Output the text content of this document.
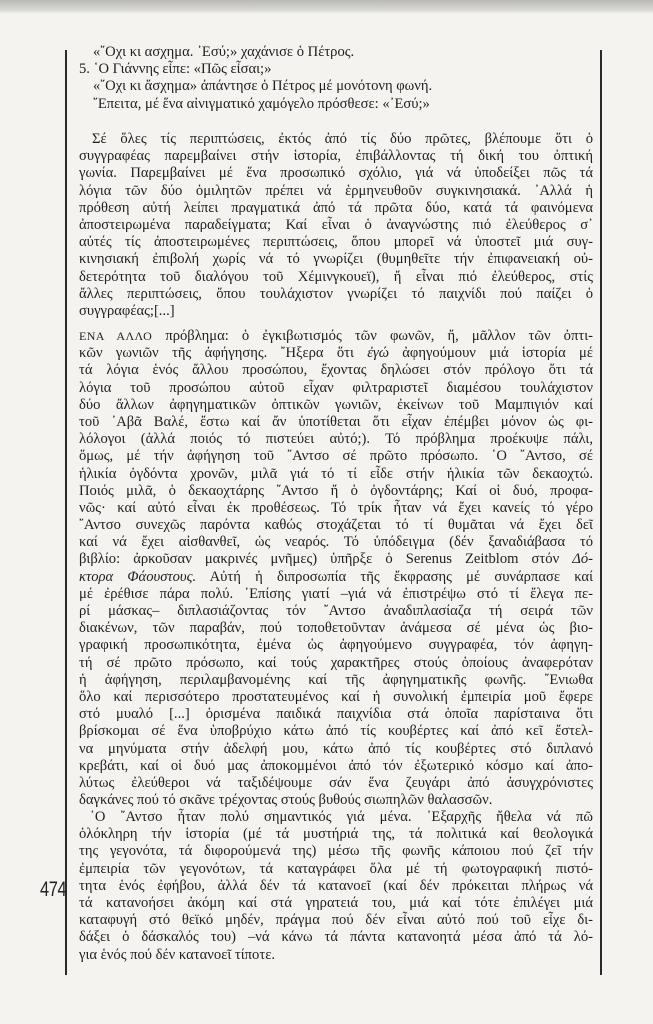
474
«῎Οχι κι ασχημα. ᾿Εσύ;» χαχάνισε ὁ Πέτρος.
5. ῾Ο Γιάννης εἶπε: «Πῶς εἶσαι;»
«῎Οχι κι ἄσχημα» ἀπάντησε ὁ Πέτρος μέ μονότονη φωνή.
῎Επειτα, μέ ἕνα αἰνιγματικό χαμόγελο πρόσθεσε: «᾿Εσύ;»
Σέ ὅλες τίς περιπτώσεις, ἐκτός ἀπό τίς δύο πρῶτες, βλέπουμε ὅτι ὁ
συγγραφέας παρεμβαίνει στήν ἱστορία, ἐπιβάλλοντας τή δική του ὀπτική
γωνία. Παρεμβαίνει μέ ἕνα προσωπικό σχόλιο, γιά νά ὑποδείξει πῶς τά
λόγια τῶν δύο ὁμιλητῶν πρέπει νά ἑρμηνευθοῦν συγκινησιακά. ᾿Αλλά ἡ
πρόθεση αὐτή λείπει πραγματικά ἀπό τά πρῶτα δύο, κατά τά φαινόμενα
ἀποστειρωμένα παραδείγματα; Καί εἶναι ὁ ἀναγνώστης πιό ἐλεύθερος σ᾿
αὐτές τίς ἀποστειρωμένες περιπτώσεις, ὅπου μπορεῖ νά ὑποστεῖ μιά συγ-
κινησιακή ἐπιβολή χωρίς νά τό γνωρίζει (θυμηθεῖτε τήν ἐπιφανειακή οὐ-
δετερότητα τοῦ διαλόγου τοῦ Χέμινγκουεϊ), ἤ εἶναι πιό ἐλεύθερος, στίς
ἄλλες περιπτώσεις, ὅπου τουλάχιστον γνωρίζει τό παιχνίδι πού παίζει ὁ
συγγραφέας;[...]
ΕΝΑ ΑΛΛΟ πρόβλημα: ὁ ἐγκιβωτισμός τῶν φωνῶν, ἤ, μᾶλλον τῶν ὀπτι-
κῶν γωνιῶν τῆς ἀφήγησης. ῎Ηξερα ὅτι ἐγώ ἀφηγούμουν μιά ἱστορία μέ
τά λόγια ἑνός ἄλλου προσώπου, ἔχοντας δηλώσει στόν πρόλογο ὅτι τά
λόγια τοῦ προσώπου αὐτοῦ εἶχαν φιλτραριστεῖ διαμέσου τουλάχιστον
δύο ἄλλων ἀφηγηματικῶν ὀπτικῶν γωνιῶν, ἐκείνων τοῦ Μαμπιγιόν καί
τοῦ ᾿Αβᾶ Βαλέ, ἔστω καί ἄν ὑποτίθεται ὅτι εἶχαν ἐπέμβει μόνον ὡς φι-
λόλογοι (ἀλλά ποιός τό πιστεύει αὐτό;). Τό πρόβλημα προέκυψε πάλι,
ὅμως, μέ τήν ἀφήγηση τοῦ ῎Αντσο σέ πρῶτο πρόσωπο. ῾Ο ῎Αντσο, σέ
ἡλικία ὀγδόντα χρονῶν, μιλᾶ γιά τό τί εἶδε στήν ἡλικία τῶν δεκαοχτώ.
Ποιός μιλᾶ, ὁ δεκαοχτάρης ῎Αντσο ἤ ὁ ὀγδοντάρης; Καί οἱ δυό, προφα-
νῶς· καί αὐτό εἶναι ἐκ προθέσεως. Τό τρίκ ἦταν νά ἔχει κανείς τό γέρο
῎Αντσο συνεχῶς παρόντα καθώς στοχάζεται τό τί θυμᾶται νά ἔχει δεῖ
καί νά ἔχει αἰσθανθεῖ, ὡς νεαρός. Τό ὑπόδειγμα (δέν ξαναδιάβασα τό
βιβλίο: ἀρκοῦσαν μακρινές μνῆμες) ὑπῆρξε ὁ Serenus Zeitblom στόν Δό-
κτορα Φάουστους. Αὐτή ἡ διπροσωπία τῆς ἔκφρασης μέ συνάρπασε καί
μέ ἐρέθισε πάρα πολύ. ᾿Επίσης γιατί –γιά νά ἐπιστρέψω στό τί ἔλεγα πε-
ρί μάσκας– διπλασιάζοντας τόν ῎Αντσο ἀναδιπλασίαζα τή σειρά τῶν
διακένων, τῶν παραβάν, πού τοποθετοῦνταν ἀνάμεσα σέ μένα ὡς βιο-
γραφική προσωπικότητα, ἐμένα ὡς ἀφηγούμενο συγγραφέα, τόν ἀφηγη-
τή σέ πρῶτο πρόσωπο, καί τούς χαρακτῆρες στούς ὁποίους ἀναφερόταν
ἡ ἀφήγηση, περιλαμβανομένης καί τῆς ἀφηγηματικῆς φωνῆς. ῎Ενιωθα
ὅλο καί περισσότερο προστατευμένος καί ἡ συνολική ἐμπειρία μοῦ ἔφερε
στό μυαλό [...] ὁρισμένα παιδικά παιχνίδια στά ὁποῖα παρίσταινα ὅτι
βρίσκομαι σέ ἕνα ὑποβρύχιο κάτω ἀπό τίς κουβέρτες καί ἀπό κεῖ ἔστελ-
να μηνύματα στήν ἀδελφή μου, κάτω ἀπό τίς κουβέρτες στό διπλανό
κρεβάτι, καί οἱ δυό μας ἀποκομμένοι ἀπό τόν ἐξωτερικό κόσμο καί ἀπο-
λύτως ἐλεύθεροι νά ταξιδέψουμε σάν ἕνα ζευγάρι ἀπό ἀσυγχρόνιστες
δαγκάνες πού τό σκᾶνε τρέχοντας στούς βυθούς σιωπηλῶν θαλασσῶν.
῾Ο ῎Αντσο ἦταν πολύ σημαντικός γιά μένα. ᾿Εξαρχῆς ἤθελα νά πῶ
ὁλόκληρη τήν ἱστορία (μέ τά μυστήριά της, τά πολιτικά καί θεολογικά
της γεγονότα, τά διφορούμενά της) μέσω τῆς φωνῆς κάποιου πού ζεῖ τήν
ἐμπειρία τῶν γεγονότων, τά καταγράφει ὅλα μέ τή φωτογραφική πιστό-
τητα ἑνός ἐφήβου, ἀλλά δέν τά κατανοεῖ (καί δέν πρόκειται πλήρως νά
τά κατανοήσει ἀκόμη καί στά γηρατειά του, μιά καί τότε ἐπιλέγει μιά
καταφυγή στό θεϊκό μηδέν, πράγμα πού δέν εἶναι αὐτό πού τοῦ εἶχε δι-
δάξει ὁ δάσκαλός του) –νά κάνω τά πάντα κατανοητά μέσα ἀπό τά λό-
για ἑνός πού δέν κατανοεῖ τίποτε.
